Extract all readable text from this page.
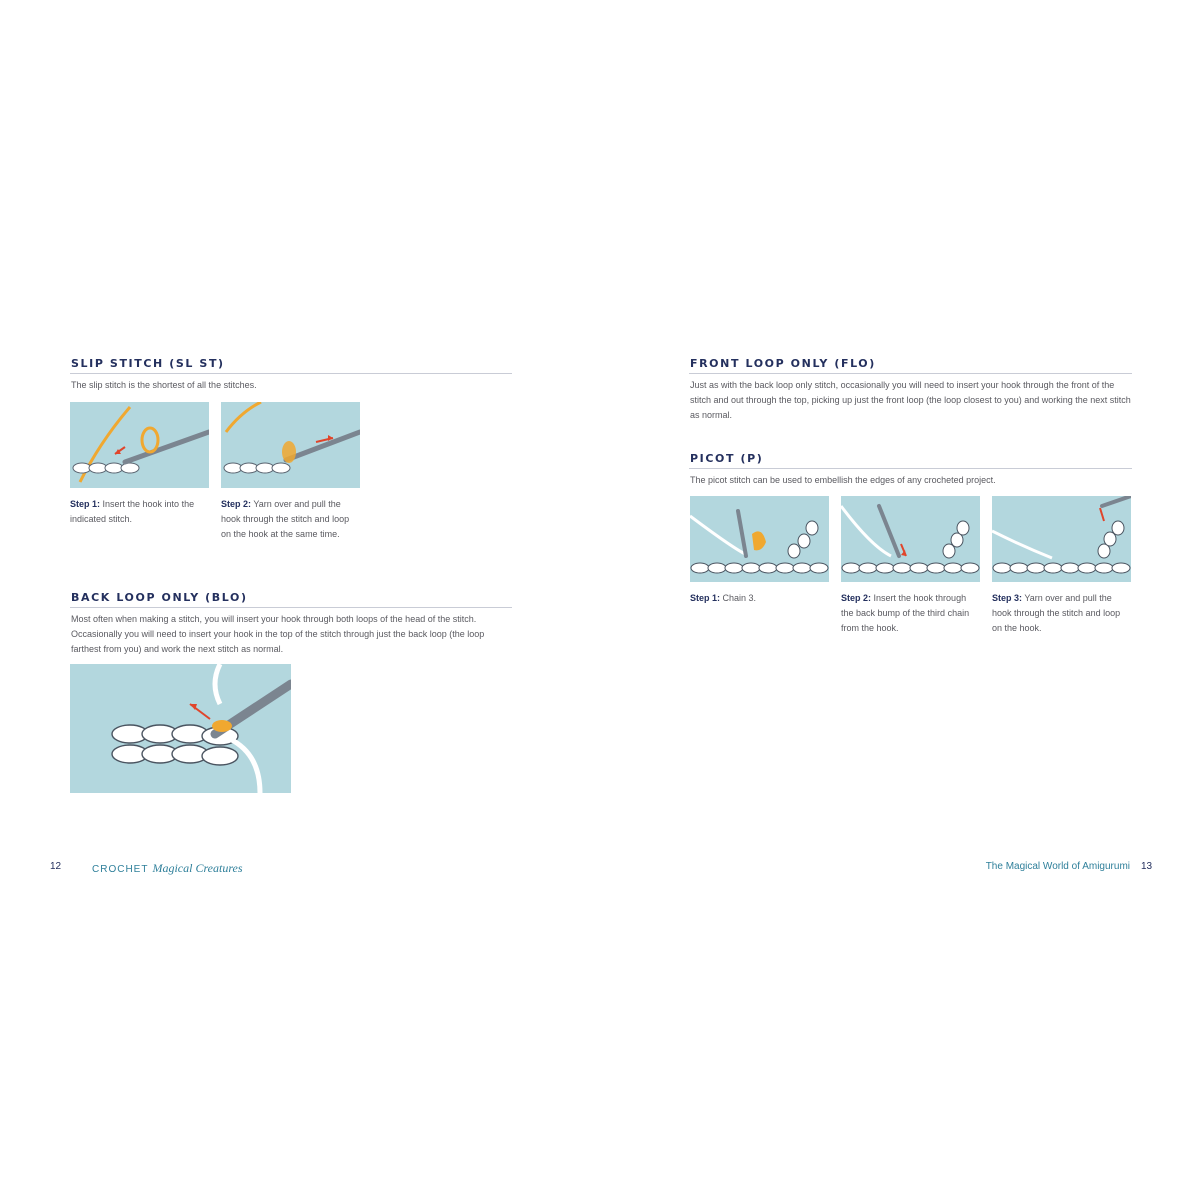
SLIP STITCH (SL ST)
The slip stitch is the shortest of all the stitches.
Step 1: Insert the hook into the indicated stitch.
Step 2: Yarn over and pull the hook through the stitch and loop on the hook at the same time.
BACK LOOP ONLY (BLO)
Most often when making a stitch, you will insert your hook through both loops of the head of the stitch. Occasionally you will need to insert your hook in the top of the stitch through just the back loop (the loop farthest from you) and work the next stitch as normal.
12	CROCHET Magical Creatures
FRONT LOOP ONLY (FLO)
Just as with the back loop only stitch, occasionally you will need to insert your hook through the front of the stitch and out through the top, picking up just the front loop (the loop closest to you) and working the next stitch as normal.
PICOT (P)
The picot stitch can be used to embellish the edges of any crocheted project.
Step 1: Chain 3.	Step 2: Insert the hook through the back bump of the third chain from the hook.
Step 3: Yarn over and pull the hook through the stitch and loop on the hook.
The Magical World of Amigurumi 13
